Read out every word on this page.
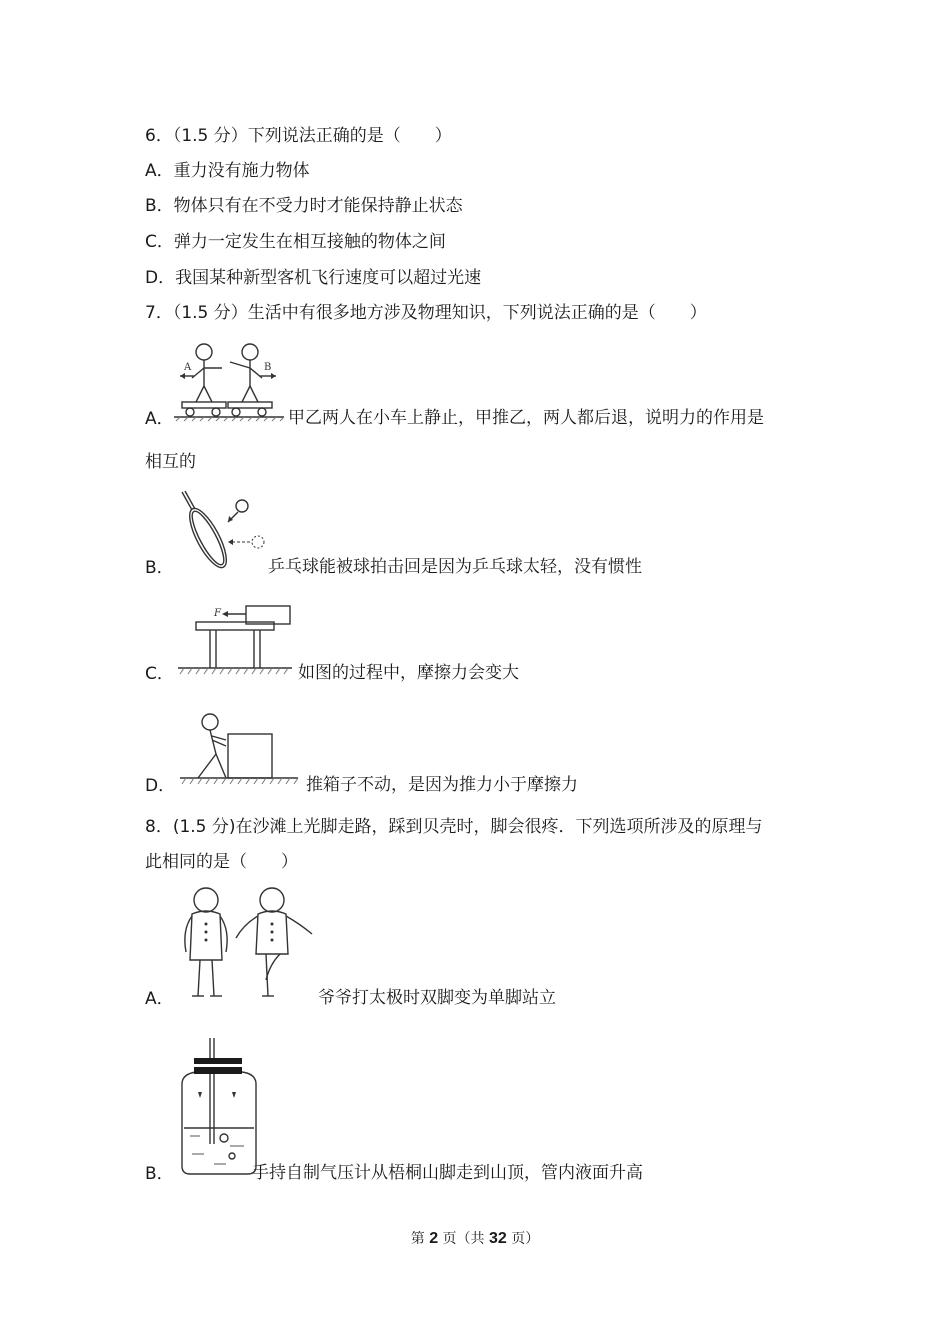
6．（1.5 分）下列说法正确的是（　　）
A．重力没有施力物体
B．物体只有在不受力时才能保持静止状态
C．弹力一定发生在相互接触的物体之间
D．我国某种新型客机飞行速度可以超过光速
7．（1.5 分）生活中有很多地方涉及物理知识，下列说法正确的是（　　）
A	B
A．	甲乙两人在小车上静止，甲推乙，两人都后退，说明力的作用是
相互的
B．	乒乓球能被球拍击回是因为乒乓球太轻，没有惯性
F
C．	如图的过程中，摩擦力会变大
D．	推箱子不动，是因为推力小于摩擦力
8．(1.5 分)在沙滩上光脚走路，踩到贝壳时，脚会很疼．下列选项所涉及的原理与
此相同的是（　　）
A．	爷爷打太极时双脚变为单脚站立
B．	手持自制气压计从梧桐山脚走到山顶，管内液面升高
第 2 页（共 32 页）
